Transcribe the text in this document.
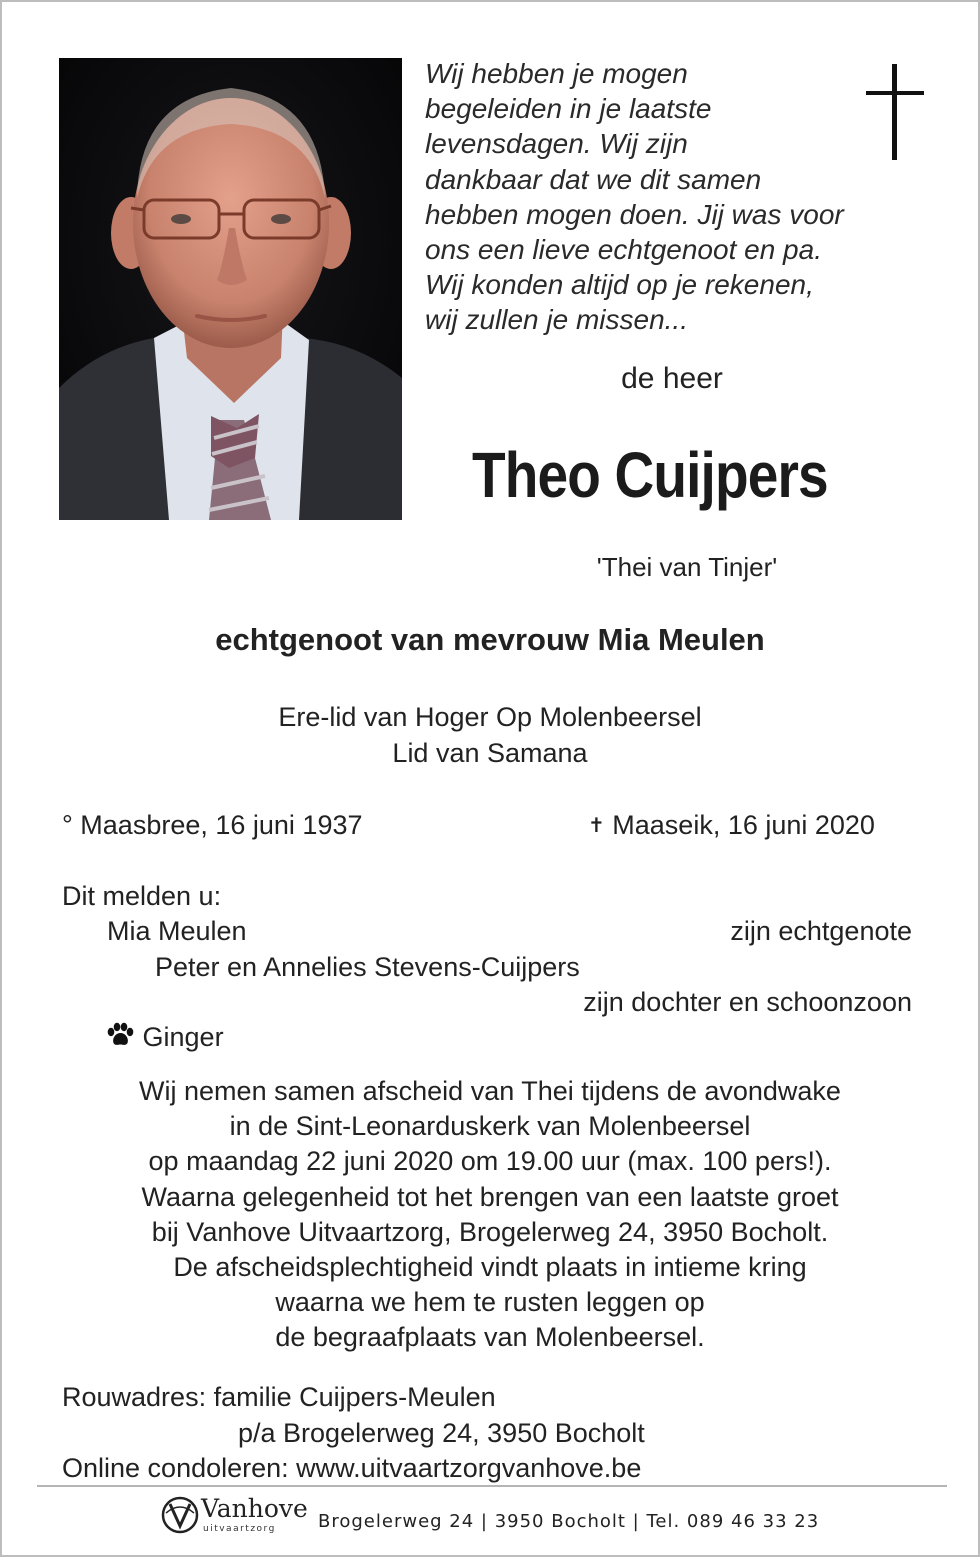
Wij hebben je mogen
begeleiden in je laatste
levensdagen. Wij zijn
dankbaar dat we dit samen
hebben mogen doen. Jij was voor
ons een lieve echtgenoot en pa.
Wij konden altijd op je rekenen,
wij zullen je missen...
de heer
Theo Cuijpers
'Thei van Tinjer'
echtgenoot van mevrouw Mia Meulen
Ere-lid van Hoger Op Molenbeersel
Lid van Samana
° Maasbree, 16 juni 1937	✝ Maaseik, 16 juni 2020
Dit melden u:
Mia Meulen	zijn echtgenote
Peter en Annelies Stevens-Cuijpers
zijn dochter en schoonzoon
Ginger
Wij nemen samen afscheid van Thei tijdens de avondwake
in de Sint-Leonarduskerk van Molenbeersel
op maandag 22 juni 2020 om 19.00 uur (max. 100 pers!).
Waarna gelegenheid tot het brengen van een laatste groet
bij Vanhove Uitvaartzorg, Brogelerweg 24, 3950 Bocholt.
De afscheidsplechtigheid vindt plaats in intieme kring
waarna we hem te rusten leggen op
de begraafplaats van Molenbeersel.
Rouwadres: familie Cuijpers-Meulen
p/a Brogelerweg 24, 3950 Bocholt
Online condoleren: www.uitvaartzorgvanhove.be
Vanhove
uitvaartzorg Brogelerweg 24 | 3950 Bocholt | Tel. 089 46 33 23
